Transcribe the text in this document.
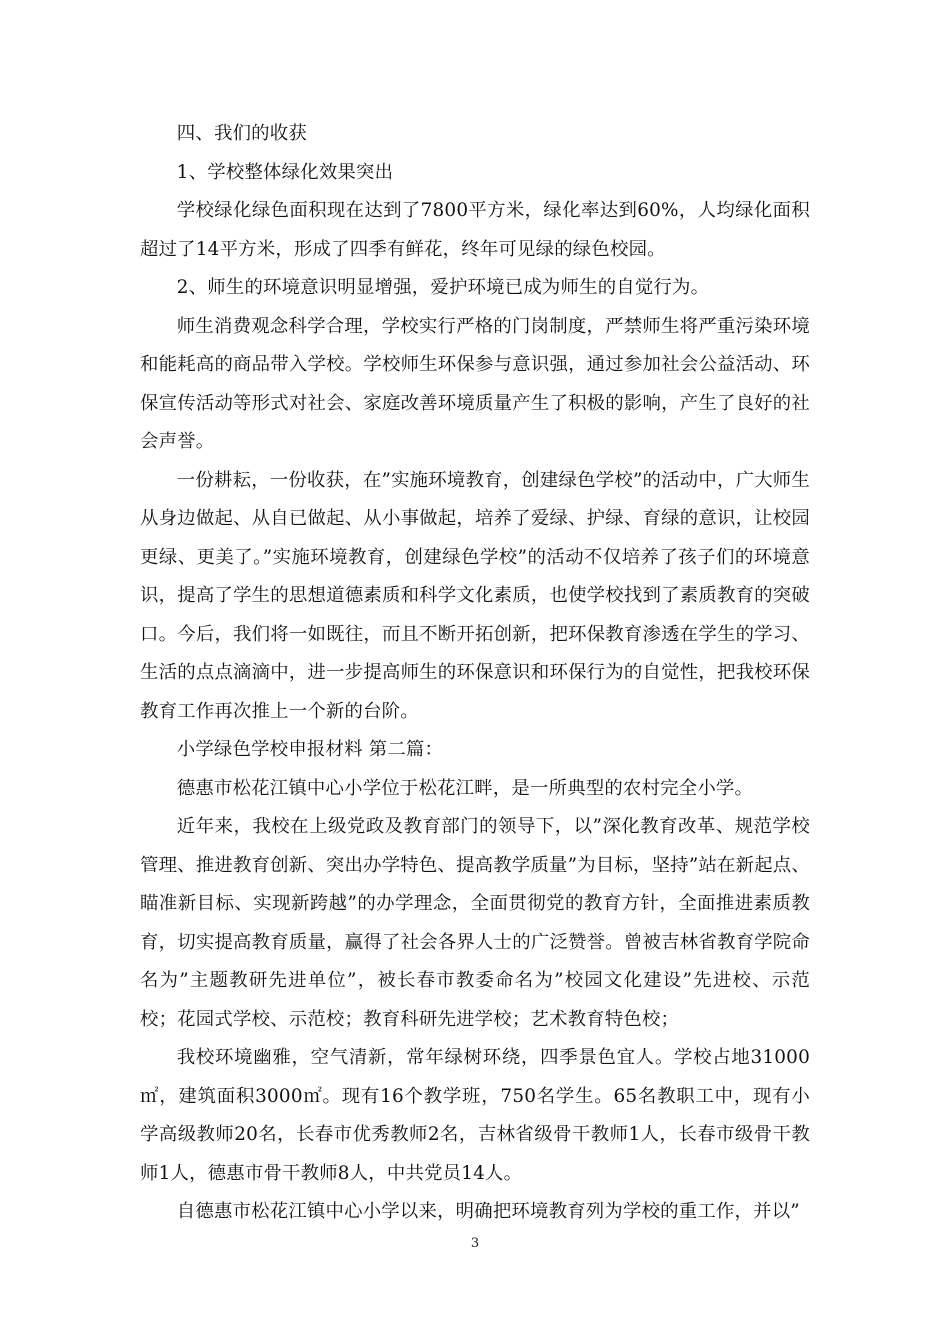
四、我们的收获

1、学校整体绿化效果突出

学校绿化绿色面积现在达到了7800平方米，绿化率达到60%，人均绿化面积超过了14平方米，形成了四季有鲜花，终年可见绿的绿色校园。

2、师生的环境意识明显增强，爱护环境已成为师生的自觉行为。

师生消费观念科学合理，学校实行严格的门岗制度，严禁师生将严重污染环境和能耗高的商品带入学校。学校师生环保参与意识强，通过参加社会公益活动、环保宣传活动等形式对社会、家庭改善环境质量产生了积极的影响，产生了良好的社会声誉。

一份耕耘，一份收获，在”实施环境教育，创建绿色学校”的活动中，广大师生从身边做起、从自已做起、从小事做起，培养了爱绿、护绿、育绿的意识，让校园更绿、更美了。”实施环境教育，创建绿色学校”的活动不仅培养了孩子们的环境意识，提高了学生的思想道德素质和科学文化素质，也使学校找到了素质教育的突破口。今后，我们将一如既往，而且不断开拓创新，把环保教育渗透在学生的学习、生活的点点滴滴中，进一步提高师生的环保意识和环保行为的自觉性，把我校环保教育工作再次推上一个新的台阶。

小学绿色学校申报材料 第二篇：

德惠市松花江镇中心小学位于松花江畔，是一所典型的农村完全小学。

近年来，我校在上级党政及教育部门的领导下，以”深化教育改革、规范学校管理、推进教育创新、突出办学特色、提高教学质量”为目标，坚持”站在新起点、瞄准新目标、实现新跨越”的办学理念，全面贯彻党的教育方针，全面推进素质教育，切实提高教育质量，赢得了社会各界人士的广泛赞誉。曾被吉林省教育学院命名为”主题教研先进单位”，被长春市教委命名为”校园文化建设”先进校、示范校；花园式学校、示范校；教育科研先进学校；艺术教育特色校；

我校环境幽雅，空气清新，常年绿树环绕，四季景色宜人。学校占地31000㎡，建筑面积3000㎡。现有16个教学班，750名学生。65名教职工中，现有小学高级教师20名，长春市优秀教师2名，吉林省级骨干教师1人，长春市级骨干教师1人，德惠市骨干教师8人，中共党员14人。

自德惠市松花江镇中心小学以来，明确把环境教育列为学校的重工作，并以”

3
